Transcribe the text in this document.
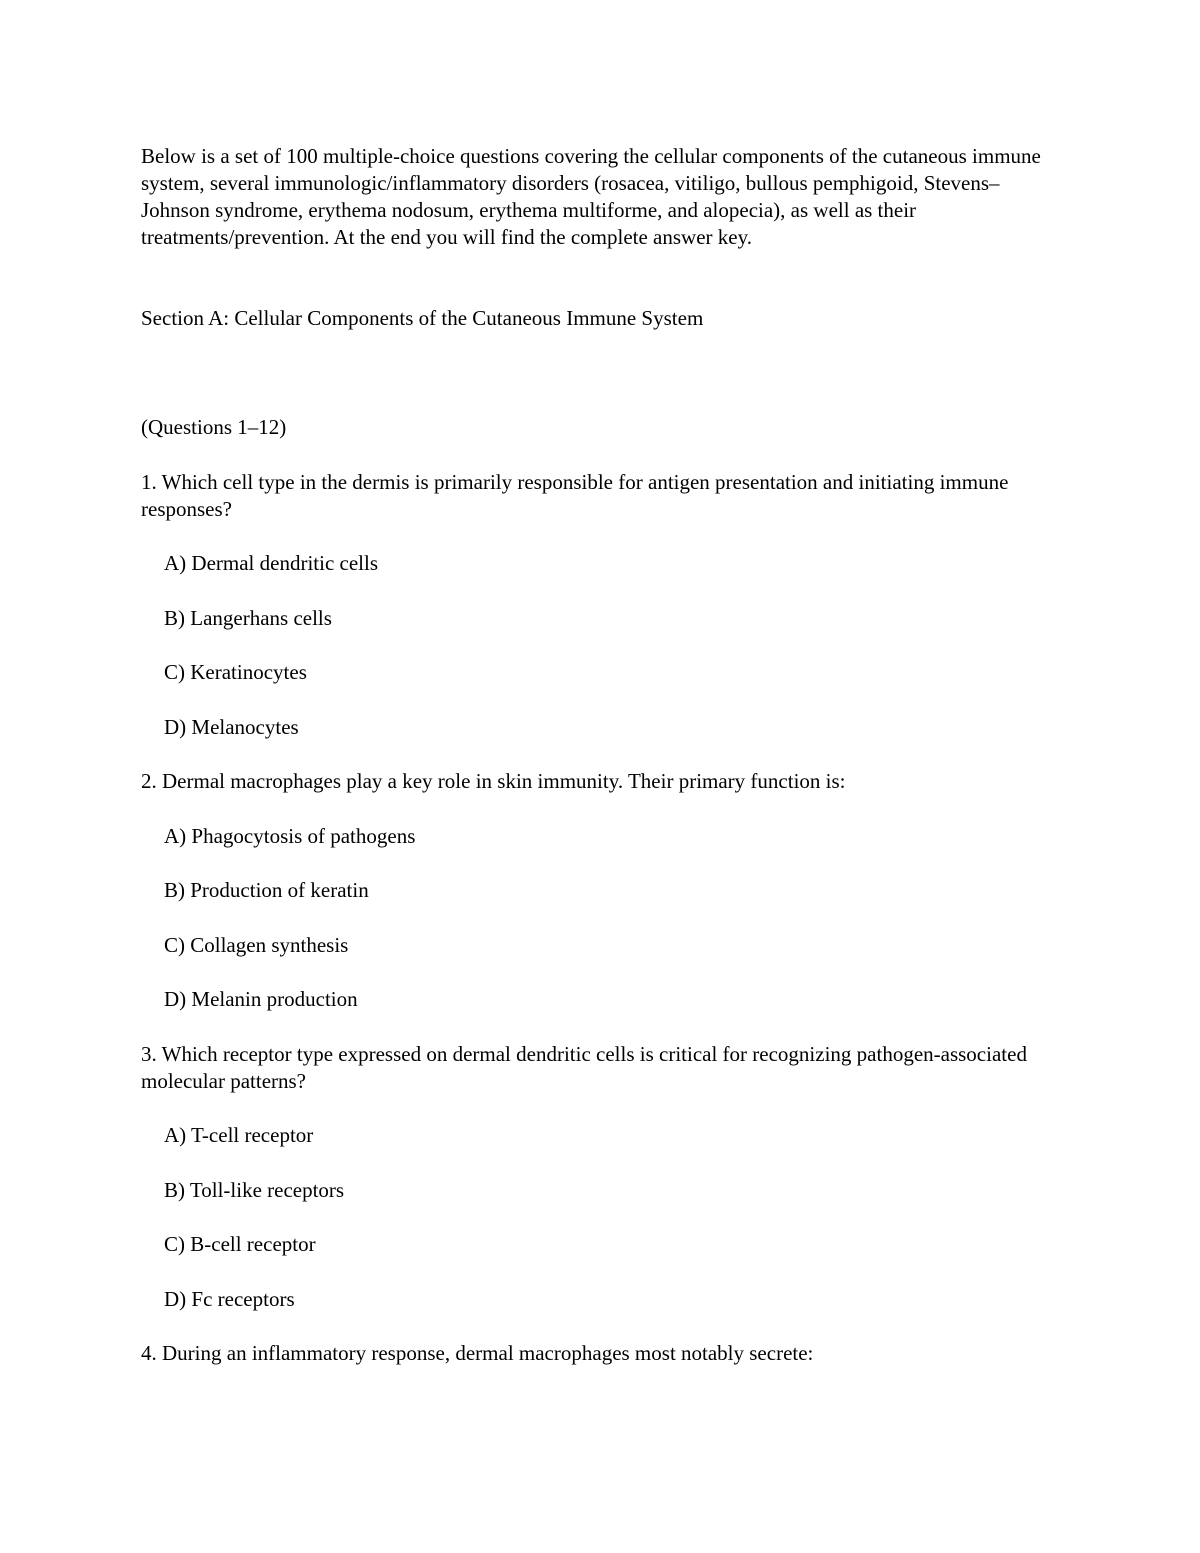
Below is a set of 100 multiple-choice questions covering the cellular components of the cutaneous immune system, several immunologic/inflammatory disorders (rosacea, vitiligo, bullous pemphigoid, Stevens–Johnson syndrome, erythema nodosum, erythema multiforme, and alopecia), as well as their treatments/prevention. At the end you will find the complete answer key.

Section A: Cellular Components of the Cutaneous Immune System

(Questions 1–12)

1. Which cell type in the dermis is primarily responsible for antigen presentation and initiating immune responses?

A) Dermal dendritic cells

B) Langerhans cells

C) Keratinocytes

D) Melanocytes

2. Dermal macrophages play a key role in skin immunity. Their primary function is:

A) Phagocytosis of pathogens

B) Production of keratin

C) Collagen synthesis

D) Melanin production

3. Which receptor type expressed on dermal dendritic cells is critical for recognizing pathogen-associated molecular patterns?

A) T-cell receptor

B) Toll-like receptors

C) B-cell receptor

D) Fc receptors

4. During an inflammatory response, dermal macrophages most notably secrete:
